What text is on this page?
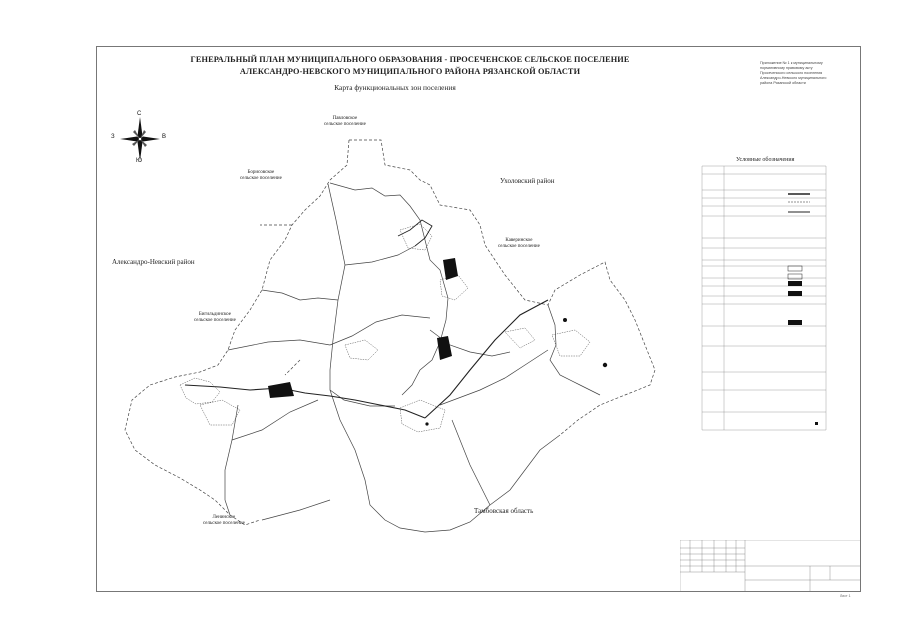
ГЕНЕРАЛЬНЫЙ ПЛАН МУНИЦИПАЛЬНОГО ОБРАЗОВАНИЯ - ПРОСЕЧЕНСКОЕ СЕЛЬСКОЕ ПОСЕЛЕНИЕ
АЛЕКСАНДРО-НЕВСКОГО МУНИЦИПАЛЬНОГО РАЙОНА РЯЗАНСКОЙ ОБЛАСТИ
Карта функциональных зон поселения
Приложение № 1 к муниципальному
нормативному правовому акту
Просеченского сельского поселения
Александро-Невского муниципального
района Рязанской области
С
Ю
З	В
Ухоловский район
Александро-Невский район
Тамбовская область
Павловское
сельское поселение
Борисовское
сельское поселение
Каверинское
сельское поселение
Бигильдинское
сельское поселение
Ленинское
сельское поселение
Условные обозначения
Лист 1
